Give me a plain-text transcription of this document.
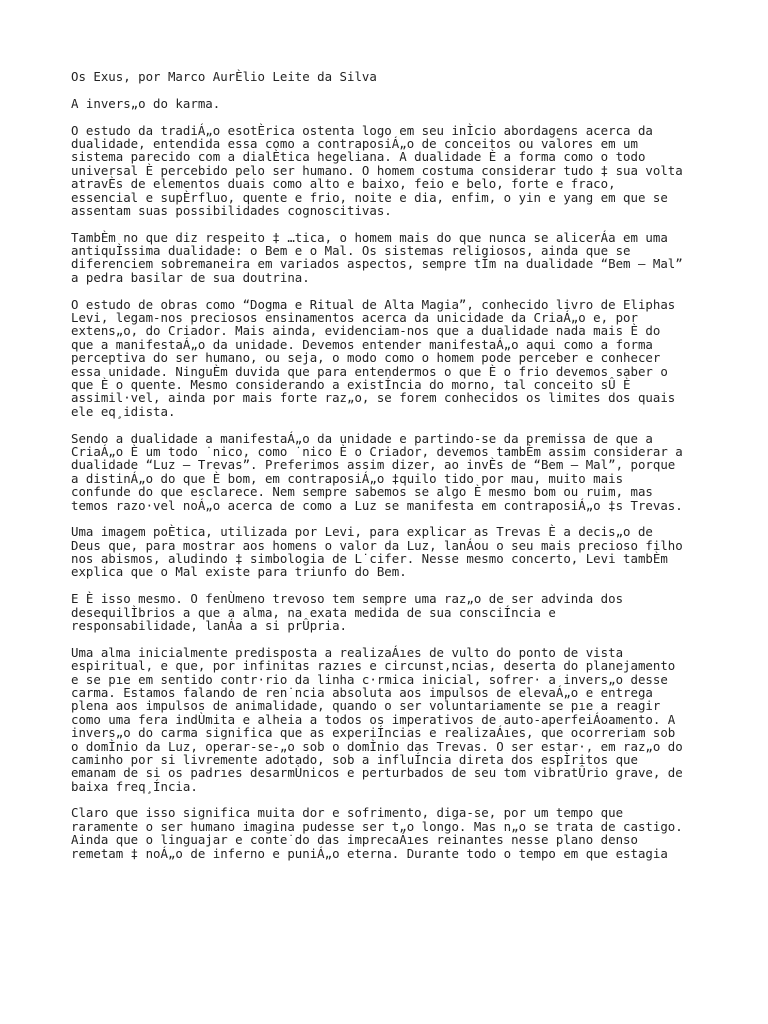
Os Exus, por Marco AurÈlio Leite da Silva
A invers„o do karma.
O estudo da tradiÁ„o esotÈrica ostenta logo em seu inÌcio abordagens acerca da
dualidade, entendida essa como a contraposiÁ„o de conceitos ou valores em um
sistema parecido com a dialÈtica hegeliana. A dualidade È a forma como o todo
universal È percebido pelo ser humano. O homem costuma considerar tudo ‡ sua volta
atravÈs de elementos duais como alto e baixo, feio e belo, forte e fraco,
essencial e supÈrfluo, quente e frio, noite e dia, enfim, o yin e yang em que se
assentam suas possibilidades cognoscitivas.
TambÈm no que diz respeito ‡ …tica, o homem mais do que nunca se alicerÁa em uma
antiquÌssima dualidade: o Bem e o Mal. Os sistemas religiosos, ainda que se
diferenciem sobremaneira em variados aspectos, sempre tÍm na dualidade “Bem — Mal”
a pedra basilar de sua doutrina.
O estudo de obras como “Dogma e Ritual de Alta Magia”, conhecido livro de Eliphas
Levi, legam-nos preciosos ensinamentos acerca da unicidade da CriaÁ„o e, por
extens„o, do Criador. Mais ainda, evidenciam-nos que a dualidade nada mais È do
que a manifestaÁ„o da unidade. Devemos entender manifestaÁ„o aqui como a forma
perceptiva do ser humano, ou seja, o modo como o homem pode perceber e conhecer
essa unidade. NinguÈm duvida que para entendermos o que È o frio devemos saber o
que È o quente. Mesmo considerando a existÍncia do morno, tal conceito sÛ È
assimil·vel, ainda por mais forte raz„o, se forem conhecidos os limites dos quais
ele eq¸idista.
Sendo a dualidade a manifestaÁ„o da unidade e partindo-se da premissa de que a
CriaÁ„o È um todo ˙nico, como ˙nico È o Criador, devemos tambÈm assim considerar a
dualidade “Luz — Trevas”. Preferimos assim dizer, ao invÈs de “Bem — Mal”, porque
a distinÁ„o do que È bom, em contraposiÁ„o ‡quilo tido por mau, muito mais
confunde do que esclarece. Nem sempre sabemos se algo È mesmo bom ou ruim, mas
temos razo·vel noÁ„o acerca de como a Luz se manifesta em contraposiÁ„o ‡s Trevas.
Uma imagem poÈtica, utilizada por Levi, para explicar as Trevas È a decis„o de
Deus que, para mostrar aos homens o valor da Luz, lanÁou o seu mais precioso filho
nos abismos, aludindo ‡ simbologia de L˙cifer. Nesse mesmo concerto, Levi tambÈm
explica que o Mal existe para triunfo do Bem.
E È isso mesmo. O fenÙmeno trevoso tem sempre uma raz„o de ser advinda dos
desequilÌbrios a que a alma, na exata medida de sua consciÍncia e
responsabilidade, lanÁa a si prÛpria.
Uma alma inicialmente predisposta a realizaÁıes de vulto do ponto de vista
espiritual, e que, por infinitas razıes e circunst‚ncias, deserta do planejamento
e se pıe em sentido contr·rio da linha c·rmica inicial, sofrer· a invers„o desse
carma. Estamos falando de ren˙ncia absoluta aos impulsos de elevaÁ„o e entrega
plena aos impulsos de animalidade, quando o ser voluntariamente se pıe a reagir
como uma fera indÙmita e alheia a todos os imperativos de auto-aperfeiÁoamento. A
invers„o do carma significa que as experiÍncias e realizaÁıes, que ocorreriam sob
o domÌnio da Luz, operar-se-„o sob o domÌnio das Trevas. O ser estar·, em raz„o do
caminho por si livremente adotado, sob a influÍncia direta dos espÌritos que
emanam de si os padrıes desarmÙnicos e perturbados de seu tom vibratÛrio grave, de
baixa freq¸Íncia.
Claro que isso significa muita dor e sofrimento, diga-se, por um tempo que
raramente o ser humano imagina pudesse ser t„o longo. Mas n„o se trata de castigo.
Ainda que o linguajar e conte˙do das imprecaÁıes reinantes nesse plano denso
remetam ‡ noÁ„o de inferno e puniÁ„o eterna. Durante todo o tempo em que estagia
